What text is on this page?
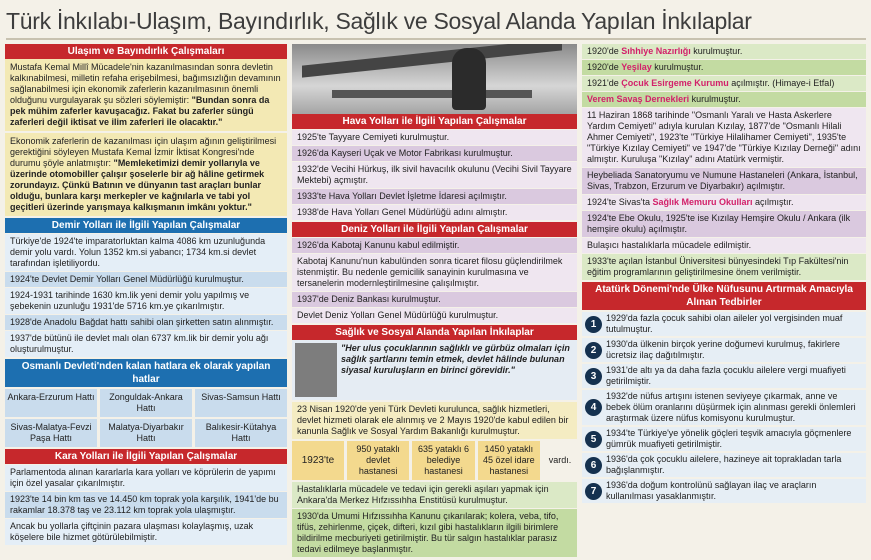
Türk İnkılabı-Ulaşım, Bayındırlık, Sağlık ve Sosyal Alanda Yapılan İnkılaplar
Ulaşım ve Bayındırlık Çalışmaları
Mustafa Kemal Millî Mücadele'nin kazanılmasından sonra devletin kalkınabilmesi, milletin refaha erişebilmesi, bağımsızlığın devamının sağlanabilmesi için ekonomik zaferlerin kazanılmasının önemli olduğunu vurgulayarak şu sözleri söylemiştir: "Bundan sonra da pek mühim zaferler kavuşacağız. Fakat bu zaferler süngü zaferleri değil iktisat ve ilim zaferleri ile olacaktır."
Ekonomik zaferlerin de kazanılması için ulaşım ağının geliştirilmesi gerektiğini söyleyen Mustafa Kemal İzmir İktisat Kongresi'nde durumu şöyle anlatmıştır: "Memleketimizi demir yollarıyla ve üzerinde otomobiller çalışır şoselerle bir ağ hâline getirmek zorundayız. Çünkü Batının ve dünyanın tast araçları bunlar olduğu, bunlara karşı merkepler ve kağnılarla ve tabi yol geçitleri üzerinde yarışmaya kalkışmanın imkânı yoktur."
Demir Yolları ile İlgili Yapılan Çalışmalar
Türkiye'de 1924'te imparatorluktan kalma 4086 km uzunluğunda demir yolu vardı. Yolun 1352 km.si yabancı; 1734 km.si devlet tarafından işletiliyordu.
1924'te Devlet Demir Yolları Genel Müdürlüğü kurulmuştur.
1924-1931 tarihinde 1630 km.lik yeni demir yolu yapılmış ve şebekenin uzunluğu 1931'de 5716 km.ye çıkarılmıştır.
1928'de Anadolu Bağdat hattı sahibi olan şirketten satın alınmıştır.
1937'de bütünü ile devlet malı olan 6737 km.lik bir demir yolu ağı oluşturulmuştur.
Osmanlı Devleti'nden kalan hatlara ek olarak yapılan hatlar
Ankara-Erzurum Hattı	Zonguldak-Ankara Hattı
Sivas-Samsun Hattı
Sivas-Malatya-Fevzi Paşa Hattı
Malatya-Diyarbakır Hattı
Balıkesir-Kütahya Hattı
Kara Yolları ile İlgili Yapılan Çalışmalar
Parlamentoda alınan kararlarla kara yolları ve köprülerin de yapımı için özel yasalar çıkarılmıştır.
1923'te 14 bin km tas ve 14.450 km toprak yola karşılık, 1941'de bu rakamlar 18.378 taş ve 23.112 km toprak yola ulaşmıştır.
Ancak bu yollarla çiftçinin pazara ulaşması kolaylaşmış, uzak köşelere bile hizmet götürülebilmiştir.
Hava Yolları ile İlgili Yapılan Çalışmalar
1925'te Tayyare Cemiyeti kurulmuştur.
1926'da Kayseri Uçak ve Motor Fabrikası kurulmuştur.
1932'de Vecihi Hürkuş, ilk sivil havacılık okulunu (Vecihi Sivil Tayyare Mektebi) açmıştır.
1933'te Hava Yolları Devlet İşletme İdaresi açılmıştır.
1938'de Hava Yolları Genel Müdürlüğü adını almıştır.
Deniz Yolları ile İlgili Yapılan Çalışmalar
1926'da Kabotaj Kanunu kabul edilmiştir.
Kabotaj Kanunu'nun kabulünden sonra ticaret filosu güçlendirilmek istenmiştir. Bu nedenle gemicilik sanayinin kurulmasına ve tersanelerin modernleştirilmesine çalışılmıştır.
1937'de Deniz Bankası kurulmuştur.
Devlet Deniz Yolları Genel Müdürlüğü kurulmuştur.
Sağlık ve Sosyal Alanda Yapılan İnkılaplar
"Her ulus çocuklarının sağlıklı ve gürbüz olmaları için sağlık şartlarını temin etmek, devlet hâlinde bulunan siyasal kuruluşların en birinci görevidir."
23 Nisan 1920'de yeni Türk Devleti kurulunca, sağlık hizmetleri, devlet hizmeti olarak ele alınmış ve 2 Mayıs 1920'de kabul edilen bir kanunla Sağlık ve Sosyal Yardım Bakanlığı kurulmuştur.
1923'te
950 yataklı devlet hastanesi
635 yataklı 6 belediye hastanesi
1450 yataklı 45 özel idare hastanesi
vardı.
Hastalıklarla mücadele ve tedavi için gerekli aşıları yapmak için Ankara'da Merkez Hıfzıssıhha Enstitüsü kurulmuştur.
1930'da Umumi Hıfzıssıhha Kanunu çıkarılarak; kolera, veba, tifo, tifüs, zehirlenme, çiçek, difteri, kızıl gibi hastalıkların ilgili birimlere bildirilme mecburiyeti getirilmiştir. Bu tür salgın hastalıklar parasız tedavi edilmeye başlanmıştır.
1920'de Sıhhiye Nazırlığı kurulmuştur.
1920'de Yeşilay kurulmuştur.
1921'de Çocuk Esirgeme Kurumu açılmıştır. (Himaye-i Etfal)
Verem Savaş Dernekleri kurulmuştur.
11 Haziran 1868 tarihinde "Osmanlı Yaralı ve Hasta Askerlere Yardım Cemiyeti" adıyla kurulan Kızılay, 1877'de "Osmanlı Hilali Ahmer Cemiyeti", 1923'te "Türkiye Hilalihamer Cemiyeti", 1935'te "Türkiye Kızılay Cemiyeti" ve 1947'de "Türkiye Kızılay Derneği" adını almıştır. Kuruluşa "Kızılay" adını Atatürk vermiştir.
Heybeliada Sanatoryumu ve Numune Hastaneleri (Ankara, İstanbul, Sivas, Trabzon, Erzurum ve Diyarbakır) açılmıştır.
1924'te Sivas'ta Sağlık Memuru Okulları açılmıştır.
1924'te Ebe Okulu, 1925'te ise Kızılay Hemşire Okulu / Ankara (ilk hemşire okulu) açılmıştır.
Bulaşıcı hastalıklarla mücadele edilmiştir.
1933'te açılan İstanbul Üniversitesi bünyesindeki Tıp Fakültesi'nin eğitim programlarının geliştirilmesine önem verilmiştir.
Atatürk Dönemi'nde Ülke Nüfusunu Artırmak Amacıyla Alınan Tedbirler
1
1929'da fazla çocuk sahibi olan aileler yol vergisinden muaf tutulmuştur.
2
1930'da ülkenin birçok yerine doğumevi kurulmuş, fakirlere ücretsiz ilaç dağıtılmıştır.
3
1931'de altı ya da daha fazla çocuklu ailelere vergi muafiyeti getirilmiştir.
4
1932'de nüfus artışını istenen seviyeye çıkarmak, anne ve bebek ölüm oranlarını düşürmek için alınması gerekli önlemleri araştırmak üzere nüfus komisyonu kurulmuştur.
5
1934'te Türkiye'ye yönelik göçleri teşvik amacıyla göçmenlere gümrük muafiyeti getirilmiştir.
6
1936'da çok çocuklu ailelere, hazineye ait toprakladan tarla bağışlanmıştır.
7
1936'da doğum kontrolünü sağlayan ilaç ve araçların kullanılması yasaklanmıştır.
